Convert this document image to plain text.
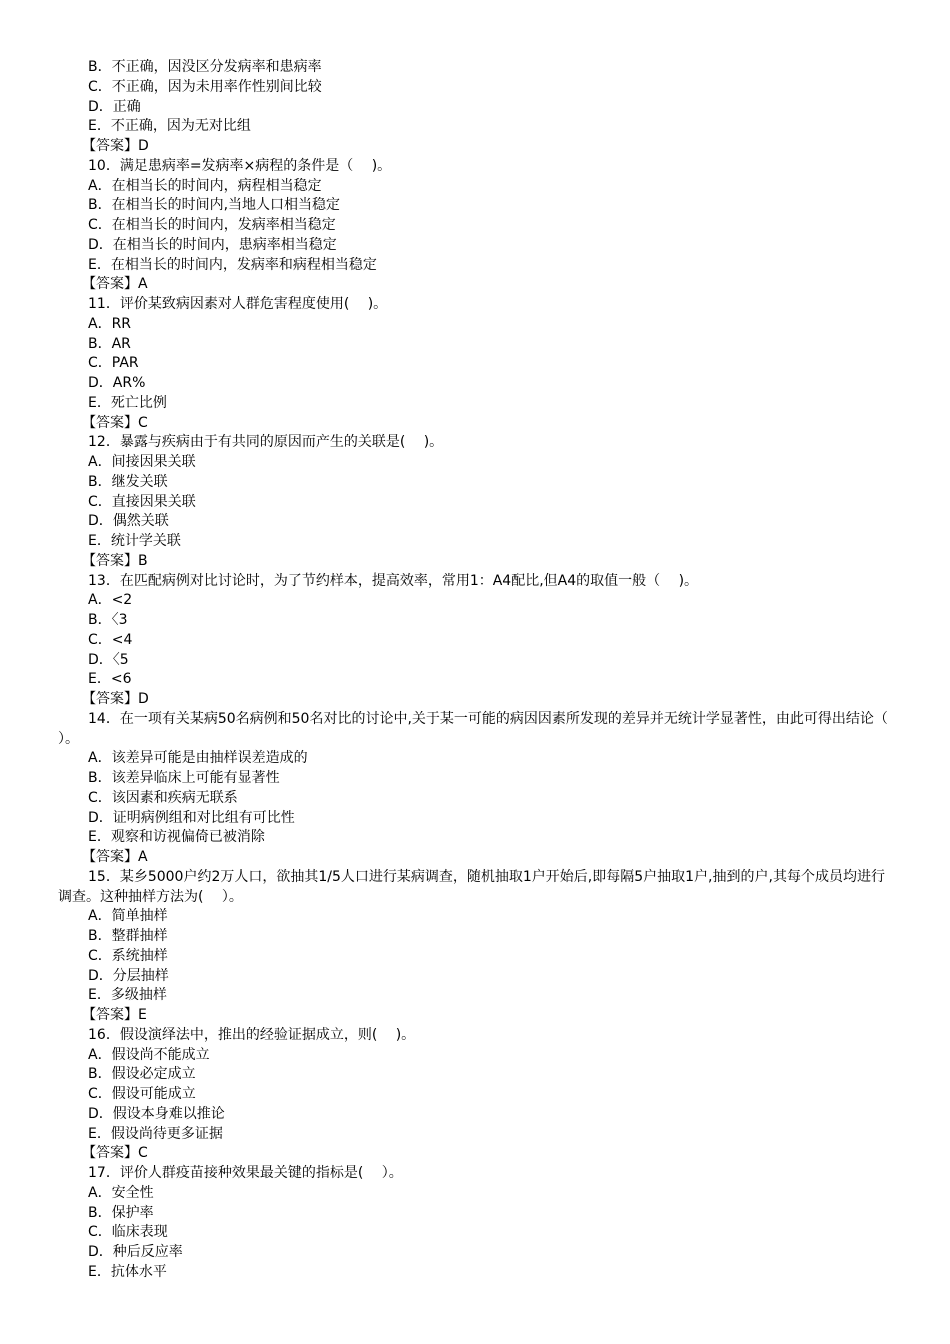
B．不正确，因没区分发病率和患病率
C．不正确，因为未用率作性别间比较
D．正确
E．不正确，因为无对比组
【答案】D
10．满足患病率=发病率×病程的条件是（　 )。
A．在相当长的时间内，病程相当稳定
B．在相当长的时间内,当地人口相当稳定
C．在相当长的时间内，发病率相当稳定
D．在相当长的时间内，患病率相当稳定
E．在相当长的时间内，发病率和病程相当稳定
【答案】A
11．评价某致病因素对人群危害程度使用(　 )。
A．RR
B．AR
C．PAR
D．AR%
E．死亡比例
【答案】C
12．暴露与疾病由于有共同的原因而产生的关联是(　 )。
A．间接因果关联
B．继发关联
C．直接因果关联
D．偶然关联
E．统计学关联
【答案】B
13．在匹配病例对比讨论时，为了节约样本，提高效率，常用1：A4配比,但A4的取值一般（　 )。
A．<2
B．〈3
C．<4
D．〈5
E．<6
【答案】D
14．在一项有关某病50名病例和50名对比的讨论中,关于某一可能的病因因素所发现的差异并无统计学显著性，由此可得出结论（　 ）。
A．该差异可能是由抽样误差造成的
B．该差异临床上可能有显著性
C．该因素和疾病无联系
D．证明病例组和对比组有可比性
E．观察和访视偏倚已被消除
【答案】A
15．某乡5000户约2万人口，欲抽其1/5人口进行某病调查，随机抽取1户开始后,即每隔5户抽取1户,抽到的户,其每个成员均进行调查。这种抽样方法为(　 ）。
A．简单抽样
B．整群抽样
C．系统抽样
D．分层抽样
E．多级抽样
【答案】E
16．假设演绎法中，推出的经验证据成立，则(　 )。
A．假设尚不能成立
B．假设必定成立
C．假设可能成立
D．假设本身难以推论
E．假设尚待更多证据
【答案】C
17．评价人群疫苗接种效果最关键的指标是(　 ）。
A．安全性
B．保护率
C．临床表现
D．种后反应率
E．抗体水平
